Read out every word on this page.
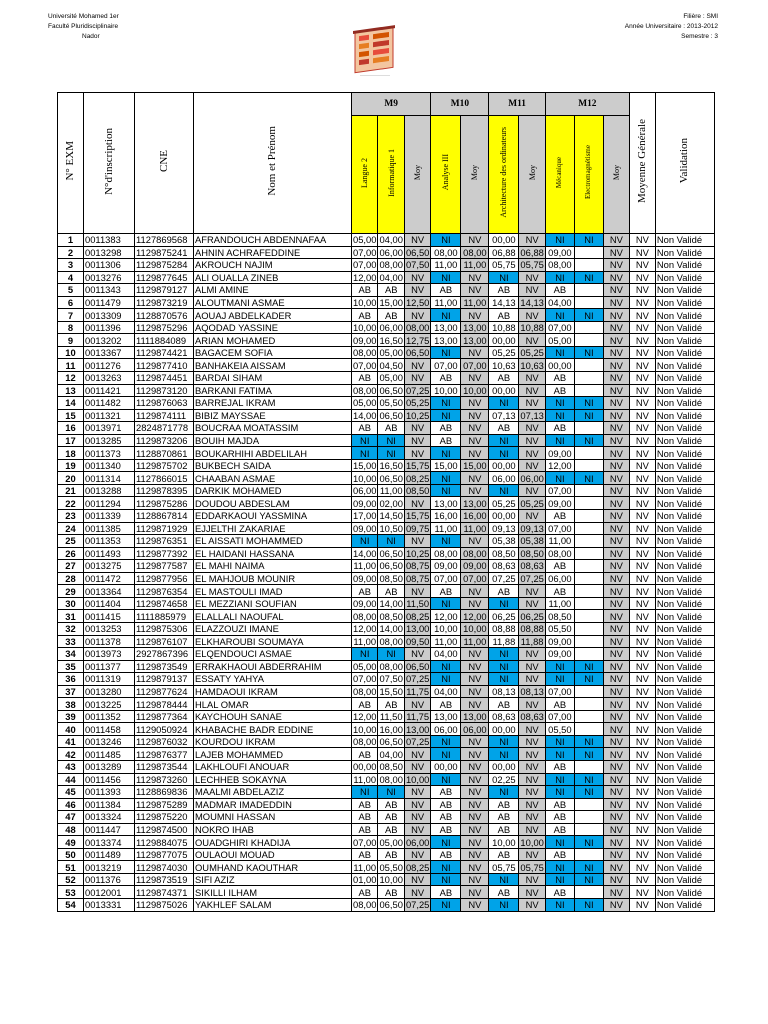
Université Mohamed 1er
Faculté Pluridisciplinaire
Nador
Filière : SMI
Année Universitaire : 2013-2012
Semestre : 3
N° EXM	N°d'inscription	CNE	Nom et Prénom	M9			M10		M11		M12			Moyenne Générale	Validation
				Langue 2	Informatique 1	Moy	Analyse III	Moy	Architecture des ordinateurs	Moy	Mécanique	Electromagnétisme	Moy		
1	0011383	1127869568	AFRANDOUCH ABDENNAFAA	05,00	04,00	NV	NI	NV	00,00	NV	NI	NI	NV	NV	Non Validé
2	0013298	1129875241	AHNIN ACHRAFEDDINE	07,00	06,00	06,50	08,00	08,00	06,88	06,88	09,00		NV	NV	Non Validé
3	0011306	1129875284	AKROUCH NAJIM	07,00	08,00	07,50	11,00	11,00	05,75	05,75	08,00		NV	NV	Non Validé
4	0013276	1129877645	ALI OUALLA ZINEB	12,00	04,00	NV	NI	NV	NI	NV	NI	NI	NV	NV	Non Validé
5	0011343	1129879127	ALMI AMINE	AB	AB	NV	AB	NV	AB	NV	AB		NV	NV	Non Validé
6	0011479	1129873219	ALOUTMANI ASMAE	10,00	15,00	12,50	11,00	11,00	14,13	14,13	04,00		NV	NV	Non Validé
7	0013309	1128870576	AOUAJ ABDELKADER	AB	AB	NV	NI	NV	AB	NV	NI	NI	NV	NV	Non Validé
8	0011396	1129875296	AQODAD YASSINE	10,00	06,00	08,00	13,00	13,00	10,88	10,88	07,00		NV	NV	Non Validé
9	0013202	1111884089	ARIAN MOHAMED	09,00	16,50	12,75	13,00	13,00	00,00	NV	05,00		NV	NV	Non Validé
10	0013367	1129874421	BAGACEM SOFIA	08,00	05,00	06,50	NI	NV	05,25	05,25	NI	NI	NV	NV	Non Validé
11	0011276	1129877410	BANHAKEIA AISSAM	07,00	04,50	NV	07,00	07,00	10,63	10,63	00,00		NV	NV	Non Validé
12	0013263	1129874451	BARDAI SIHAM	AB	05,00	NV	AB	NV	AB	NV	AB		NV	NV	Non Validé
13	0011421	1129873120	BARKANI FATIMA	08,00	06,50	07,25	10,00	10,00	00,00	NV	AB		NV	NV	Non Validé
14	0011482	1129876063	BARREJAL IKRAM	05,00	05,50	05,25	NI	NV	NI	NV	NI	NI	NV	NV	Non Validé
15	0011321	1129874111	BIBIZ MAYSSAE	14,00	06,50	10,25	NI	NV	07,13	07,13	NI	NI	NV	NV	Non Validé
16	0013971	2824871778	BOUCRAA MOATASSIM	AB	AB	NV	AB	NV	AB	NV	AB		NV	NV	Non Validé
17	0013285	1129873206	BOUIH MAJDA	NI	NI	NV	AB	NV	NI	NV	NI	NI	NV	NV	Non Validé
18	0011373	1128870861	BOUKARHIHI ABDELILAH	NI	NI	NV	NI	NV	NI	NV	09,00		NV	NV	Non Validé
19	0011340	1129875702	BUKBECH SAIDA	15,00	16,50	15,75	15,00	15,00	00,00	NV	12,00		NV	NV	Non Validé
20	0011314	1127866015	CHAABAN ASMAE	10,00	06,50	08,25	NI	NV	06,00	06,00	NI	NI	NV	NV	Non Validé
21	0013288	1129878395	DARKIK MOHAMED	06,00	11,00	08,50	NI	NV	NI	NV	07,00		NV	NV	Non Validé
22	0011294	1129875286	DOUDOU ABDESLAM	09,00	02,00	NV	13,00	13,00	05,25	05,25	09,00		NV	NV	Non Validé
23	0011339	1128867814	EDDARKAOUI YASSMINA	17,00	14,50	15,75	16,00	16,00	00,00	NV	AB		NV	NV	Non Validé
24	0011385	1129871929	EJJELTHI ZAKARIAE	09,00	10,50	09,75	11,00	11,00	09,13	09,13	07,00		NV	NV	Non Validé
25	0011353	1129876351	EL AISSATI MOHAMMED	NI	NI	NV	NI	NV	05,38	05,38	11,00		NV	NV	Non Validé
26	0011493	1129877392	EL HAIDANI HASSANA	14,00	06,50	10,25	08,00	08,00	08,50	08,50	08,00		NV	NV	Non Validé
27	0013275	1129877587	EL MAHI NAIMA	11,00	06,50	08,75	09,00	09,00	08,63	08,63	AB		NV	NV	Non Validé
28	0011472	1129877956	EL MAHJOUB MOUNIR	09,00	08,50	08,75	07,00	07,00	07,25	07,25	06,00		NV	NV	Non Validé
29	0013364	1129876354	EL MASTOULI IMAD	AB	AB	NV	AB	NV	AB	NV	AB		NV	NV	Non Validé
30	0011404	1129874658	EL MEZZIANI SOUFIAN	09,00	14,00	11,50	NI	NV	NI	NV	11,00		NV	NV	Non Validé
31	0011415	1111885979	ELALLALI NAOUFAL	08,00	08,50	08,25	12,00	12,00	06,25	06,25	08,50		NV	NV	Non Validé
32	0013253	1129875306	ELAZZOUZI IMANE	12,00	14,00	13,00	10,00	10,00	08,88	08,88	05,50		NV	NV	Non Validé
33	0011378	1129876107	ELKHAROUBI SOUMAYA	11,00	08,00	09,50	11,00	11,00	11,88	11,88	09,00		NV	NV	Non Validé
34	0013973	2927867396	ELQENDOUCI ASMAE	NI	NI	NV	04,00	NV	NI	NV	09,00		NV	NV	Non Validé
35	0011377	1129873549	ERRAKHAOUI ABDERRAHIM	05,00	08,00	06,50	NI	NV	NI	NV	NI	NI	NV	NV	Non Validé
36	0011319	1129879137	ESSATY YAHYA	07,00	07,50	07,25	NI	NV	NI	NV	NI	NI	NV	NV	Non Validé
37	0013280	1129877624	HAMDAOUI IKRAM	08,00	15,50	11,75	04,00	NV	08,13	08,13	07,00		NV	NV	Non Validé
38	0013225	1129878444	HLAL OMAR	AB	AB	NV	AB	NV	AB	NV	AB		NV	NV	Non Validé
39	0011352	1129877364	KAYCHOUH SANAE	12,00	11,50	11,75	13,00	13,00	08,63	08,63	07,00		NV	NV	Non Validé
40	0011458	1129050924	KHABACHE BADR EDDINE	10,00	16,00	13,00	06,00	06,00	00,00	NV	05,50		NV	NV	Non Validé
41	0013246	1129876032	KOURDOU IKRAM	08,00	06,50	07,25	NI	NV	NI	NV	NI	NI	NV	NV	Non Validé
42	0011485	1129876377	LAJEB MOHAMMED	AB	04,00	NV	NI	NV	NI	NV	NI	NI	NV	NV	Non Validé
43	0013289	1129873544	LAKHLOUFI ANOUAR	00,00	08,50	NV	00,00	NV	00,00	NV	AB		NV	NV	Non Validé
44	0011456	1129873260	LECHHEB SOKAYNA	11,00	08,00	10,00	NI	NV	02,25	NV	NI	NI	NV	NV	Non Validé
45	0011393	1128869836	MAALMI ABDELAZIZ	NI	NI	NV	AB	NV	NI	NV	NI	NI	NV	NV	Non Validé
46	0011384	1129875289	MADMAR IMADEDDIN	AB	AB	NV	AB	NV	AB	NV	AB		NV	NV	Non Validé
47	0013324	1129875220	MOUMNI HASSAN	AB	AB	NV	AB	NV	AB	NV	AB		NV	NV	Non Validé
48	0011447	1129874500	NOKRO IHAB	AB	AB	NV	AB	NV	AB	NV	AB		NV	NV	Non Validé
49	0013374	1129884075	OUADGHIRI KHADIJA	07,00	05,00	06,00	NI	NV	10,00	10,00	NI	NI	NV	NV	Non Validé
50	0011489	1129877075	OULAOUI MOUAD	AB	AB	NV	AB	NV	AB	NV	AB		NV	NV	Non Validé
51	0013219	1129874030	OUMHAND KAOUTHAR	11,00	05,50	08,25	NI	NV	05,75	05,75	NI	NI	NV	NV	Non Validé
52	0011376	1129873519	SIFI AZIZ	01,00	10,00	NV	NI	NV	NI	NV	NI	NI	NV	NV	Non Validé
53	0012001	1129874371	SIKILLI ILHAM	AB	AB	NV	AB	NV	AB	NV	AB		NV	NV	Non Validé
54	0013331	1129875026	YAKHLEF SALAM	08,00	06,50	07,25	NI	NV	NI	NV	NI	NI	NV	NV	Non Validé
